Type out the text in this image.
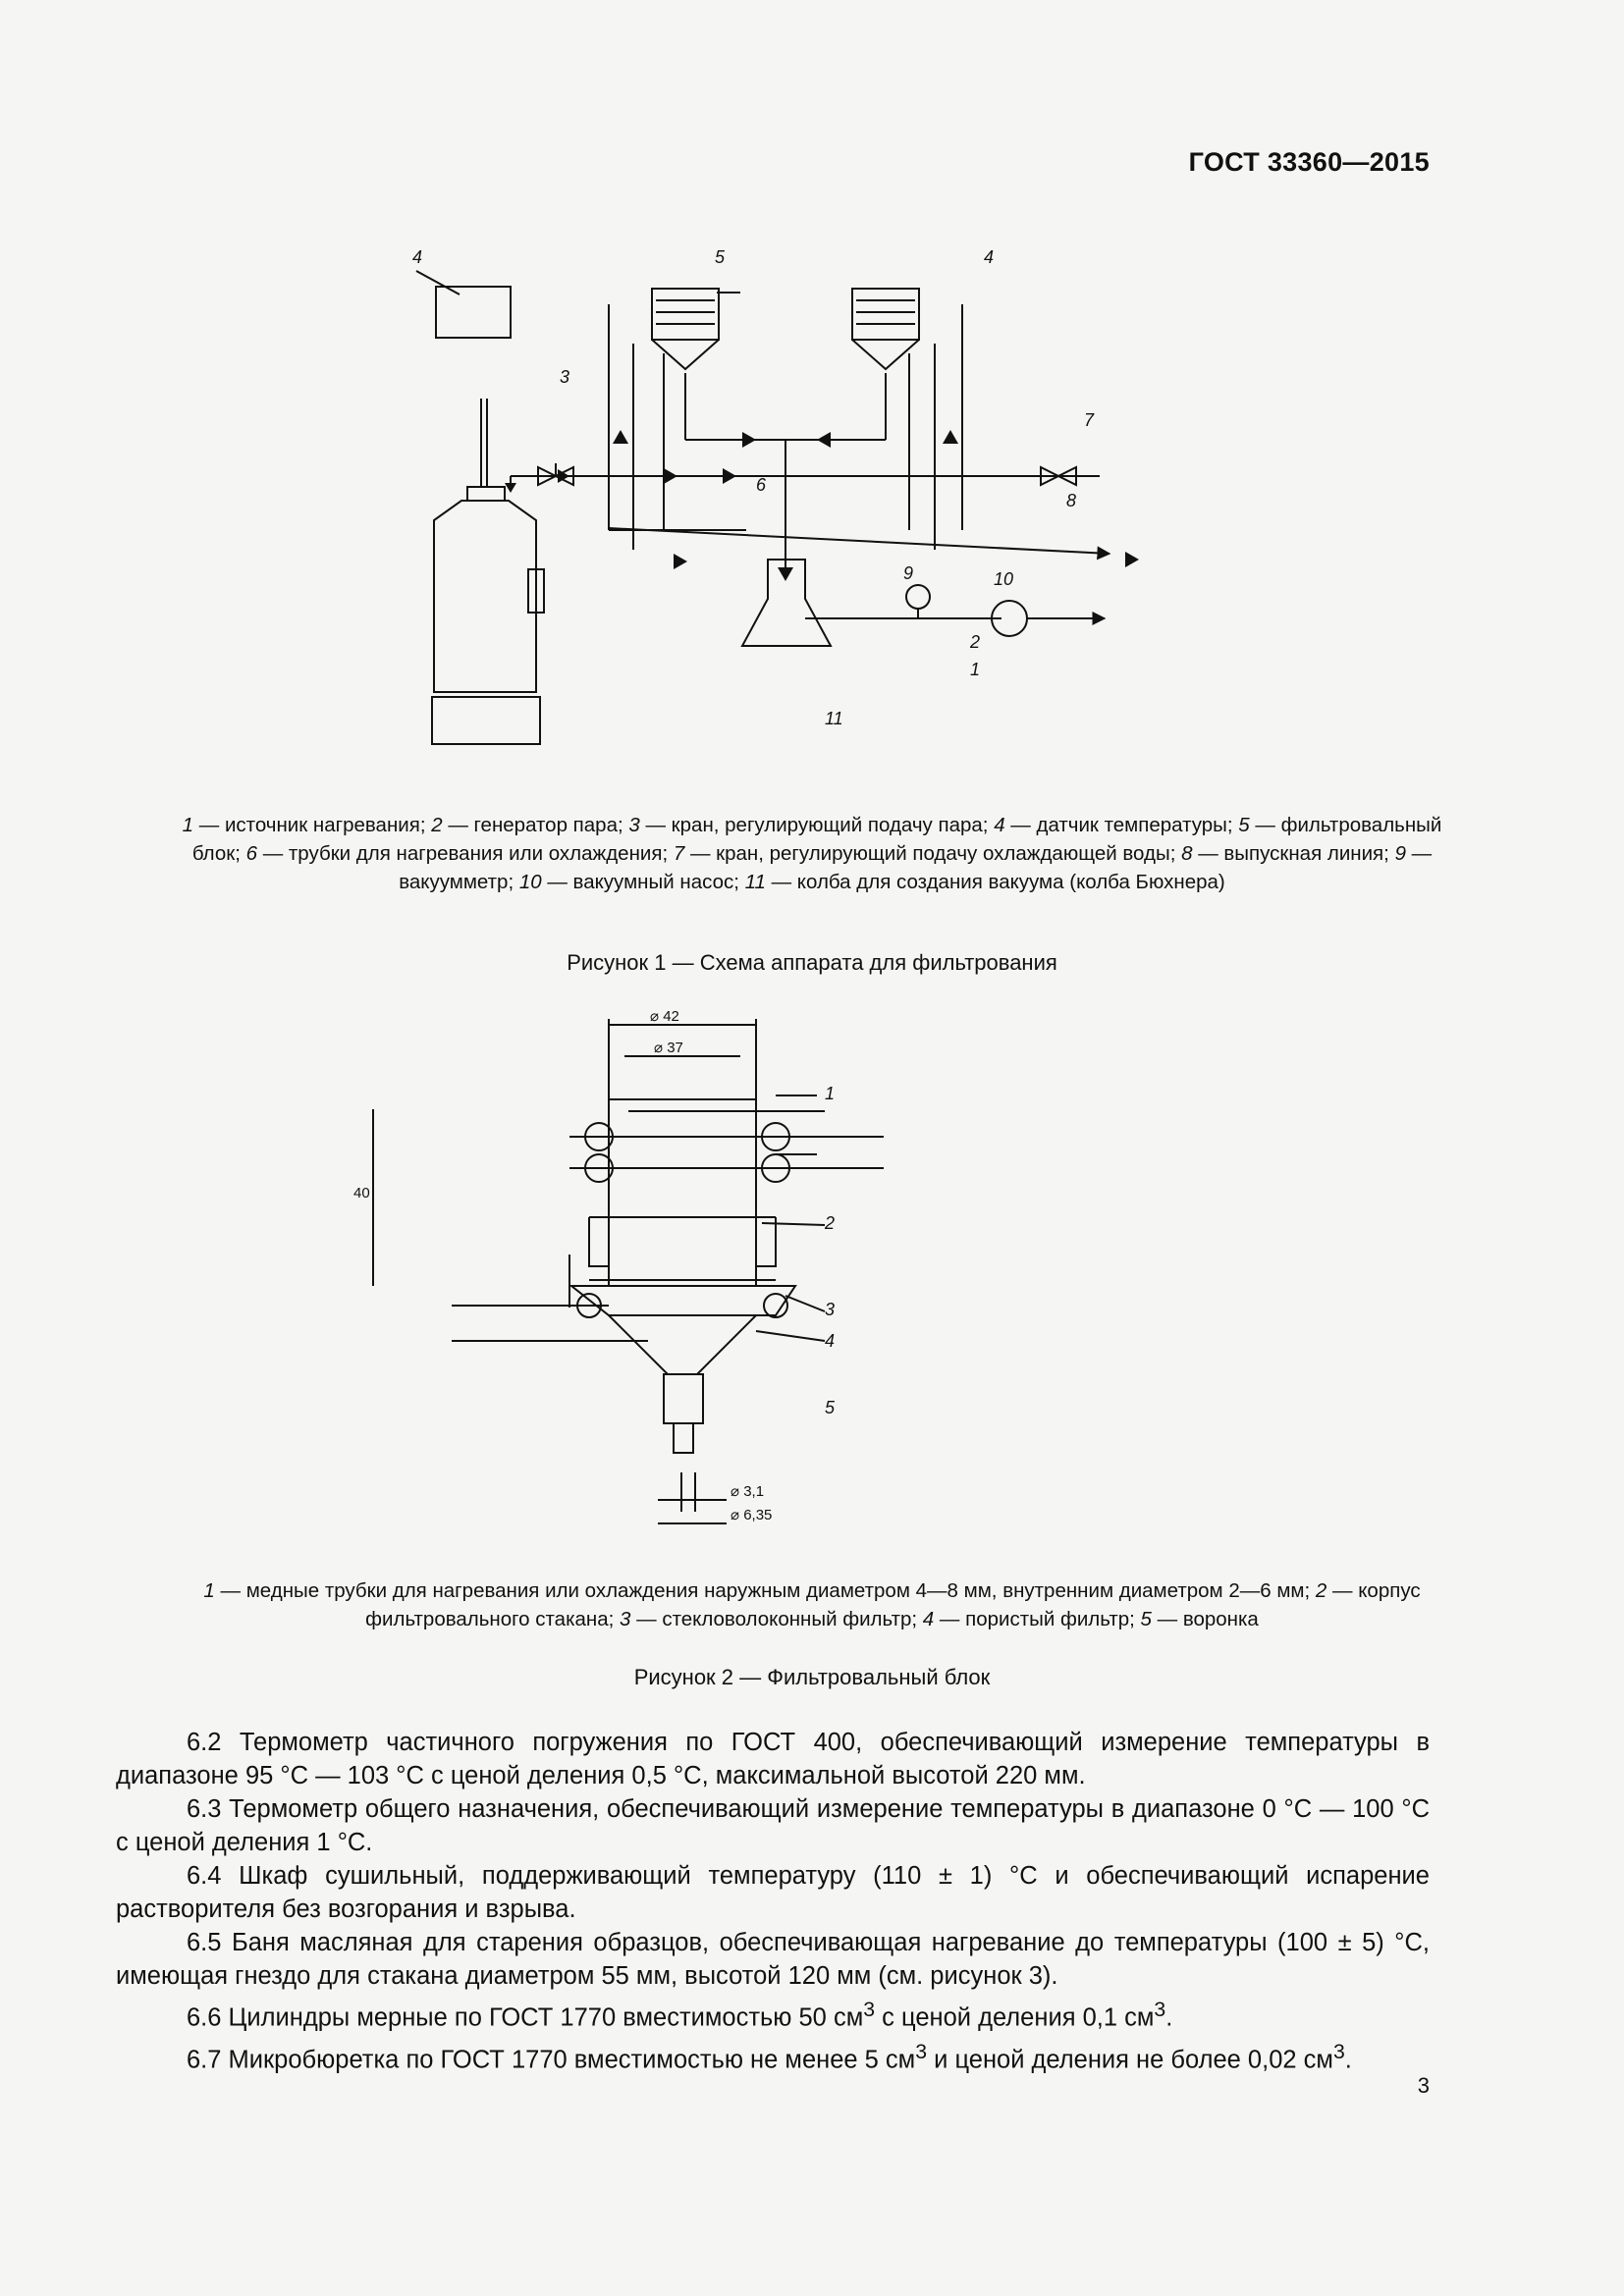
ГОСТ 33360—2015
3
2
1
6
7
8
9	10
11
4	4
5
1 — источник нагревания; 2 — генератор пара; 3 — кран, регулирующий подачу пара; 4 — датчик температуры; 5 — фильтровальный блок; 6 — трубки для нагревания или охлаждения; 7 — кран, регулирующий подачу охлаждающей воды; 8 — выпускная линия; 9 — вакуумметр; 10 — вакуумный насос; 11 — колба для создания вакуума (колба Бюхнера)
Рисунок 1 — Схема аппарата для фильтрования
⌀ 42
⌀ 37
40
⌀ 3,1
⌀ 6,35
1
2
3
4
5
1 — медные трубки для нагревания или охлаждения наружным диаметром 4—8 мм, внутренним диаметром 2—6 мм; 2 — корпус фильтровального стакана; 3 — стекловолоконный фильтр; 4 — пористый фильтр; 5 — воронка
Рисунок 2 — Фильтровальный блок

6.2 Термометр частичного погружения по ГОСТ 400, обеспечивающий измерение температуры в диапазоне 95 °С — 103 °С с ценой деления 0,5 °С, максимальной высотой 220 мм.

6.3 Термометр общего назначения, обеспечивающий измерение температуры в диапазоне 0 °С — 100 °С с ценой деления 1 °С.

6.4 Шкаф сушильный, поддерживающий температуру (110 ± 1) °С и обеспечивающий испарение растворителя без возгорания и взрыва.

6.5 Баня масляная для старения образцов, обеспечивающая нагревание до температуры (100 ± 5) °С, имеющая гнездо для стакана диаметром 55 мм, высотой 120 мм (см. рисунок 3).

6.6 Цилиндры мерные по ГОСТ 1770 вместимостью 50 $см^3$ с ценой деления 0,1 $см^3$.

6.7 Микробюретка по ГОСТ 1770 вместимостью не менее 5 $см^3$ и ценой деления не более 0,02 $см^3$.

3
